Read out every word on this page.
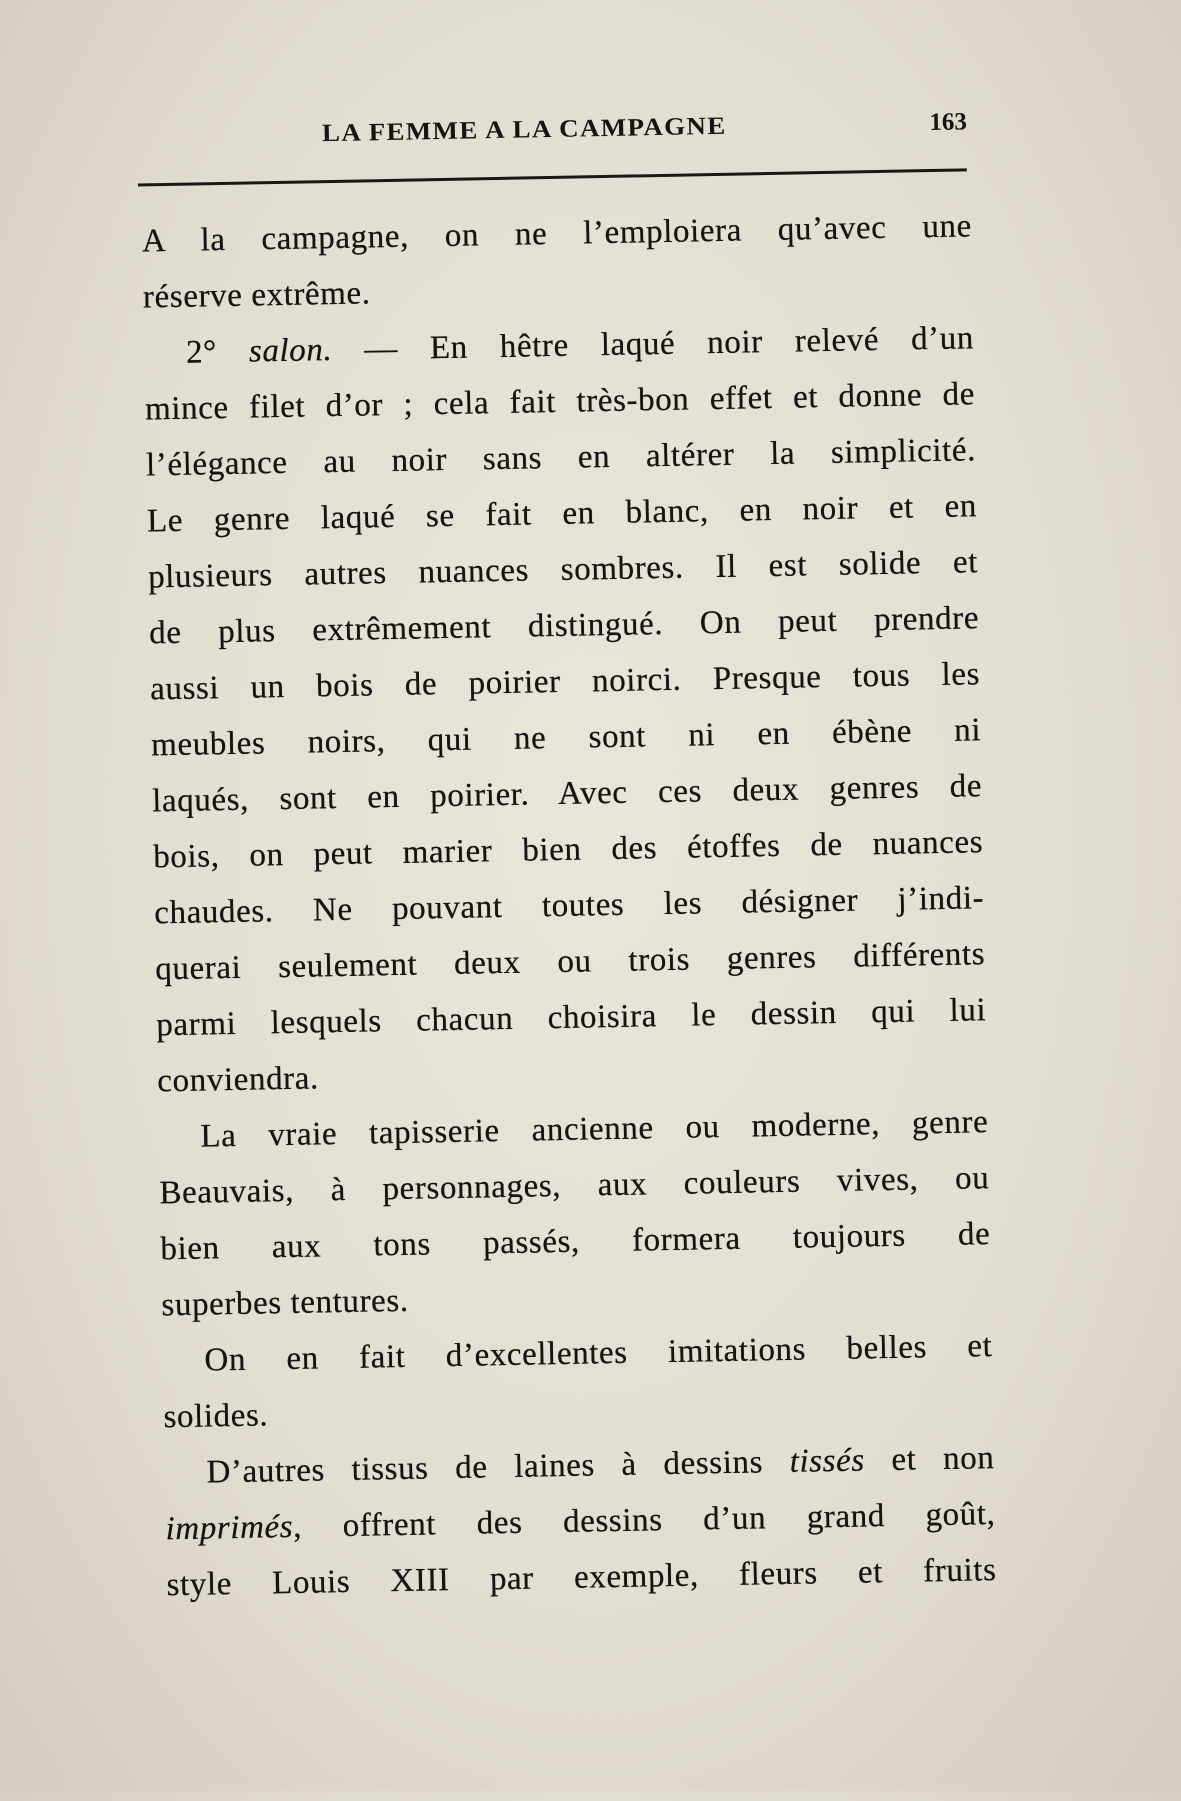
LA FEMME A LA CAMPAGNE	163
A la campagne, on ne l’emploiera qu’avec une
réserve extrême.
2° salon. — En hêtre laqué noir relevé d’un
mince filet d’or ; cela fait très-bon effet et donne de
l’élégance au noir sans en altérer la simplicité.
Le genre laqué se fait en blanc, en noir et en
plusieurs autres nuances sombres. Il est solide et
de plus extrêmement distingué. On peut prendre
aussi un bois de poirier noirci. Presque tous les
meubles noirs, qui ne sont ni en ébène ni
laqués, sont en poirier. Avec ces deux genres de
bois, on peut marier bien des étoffes de nuances
chaudes. Ne pouvant toutes les désigner j’indi-
querai seulement deux ou trois genres différents
parmi lesquels chacun choisira le dessin qui lui
conviendra.
La vraie tapisserie ancienne ou moderne, genre
Beauvais, à personnages, aux couleurs vives, ou
bien aux tons passés, formera toujours de
superbes tentures.
On en fait d’excellentes imitations belles et
solides.
D’autres tissus de laines à dessins tissés et non
imprimés, offrent des dessins d’un grand goût,
style Louis XIII par exemple, fleurs et fruits
